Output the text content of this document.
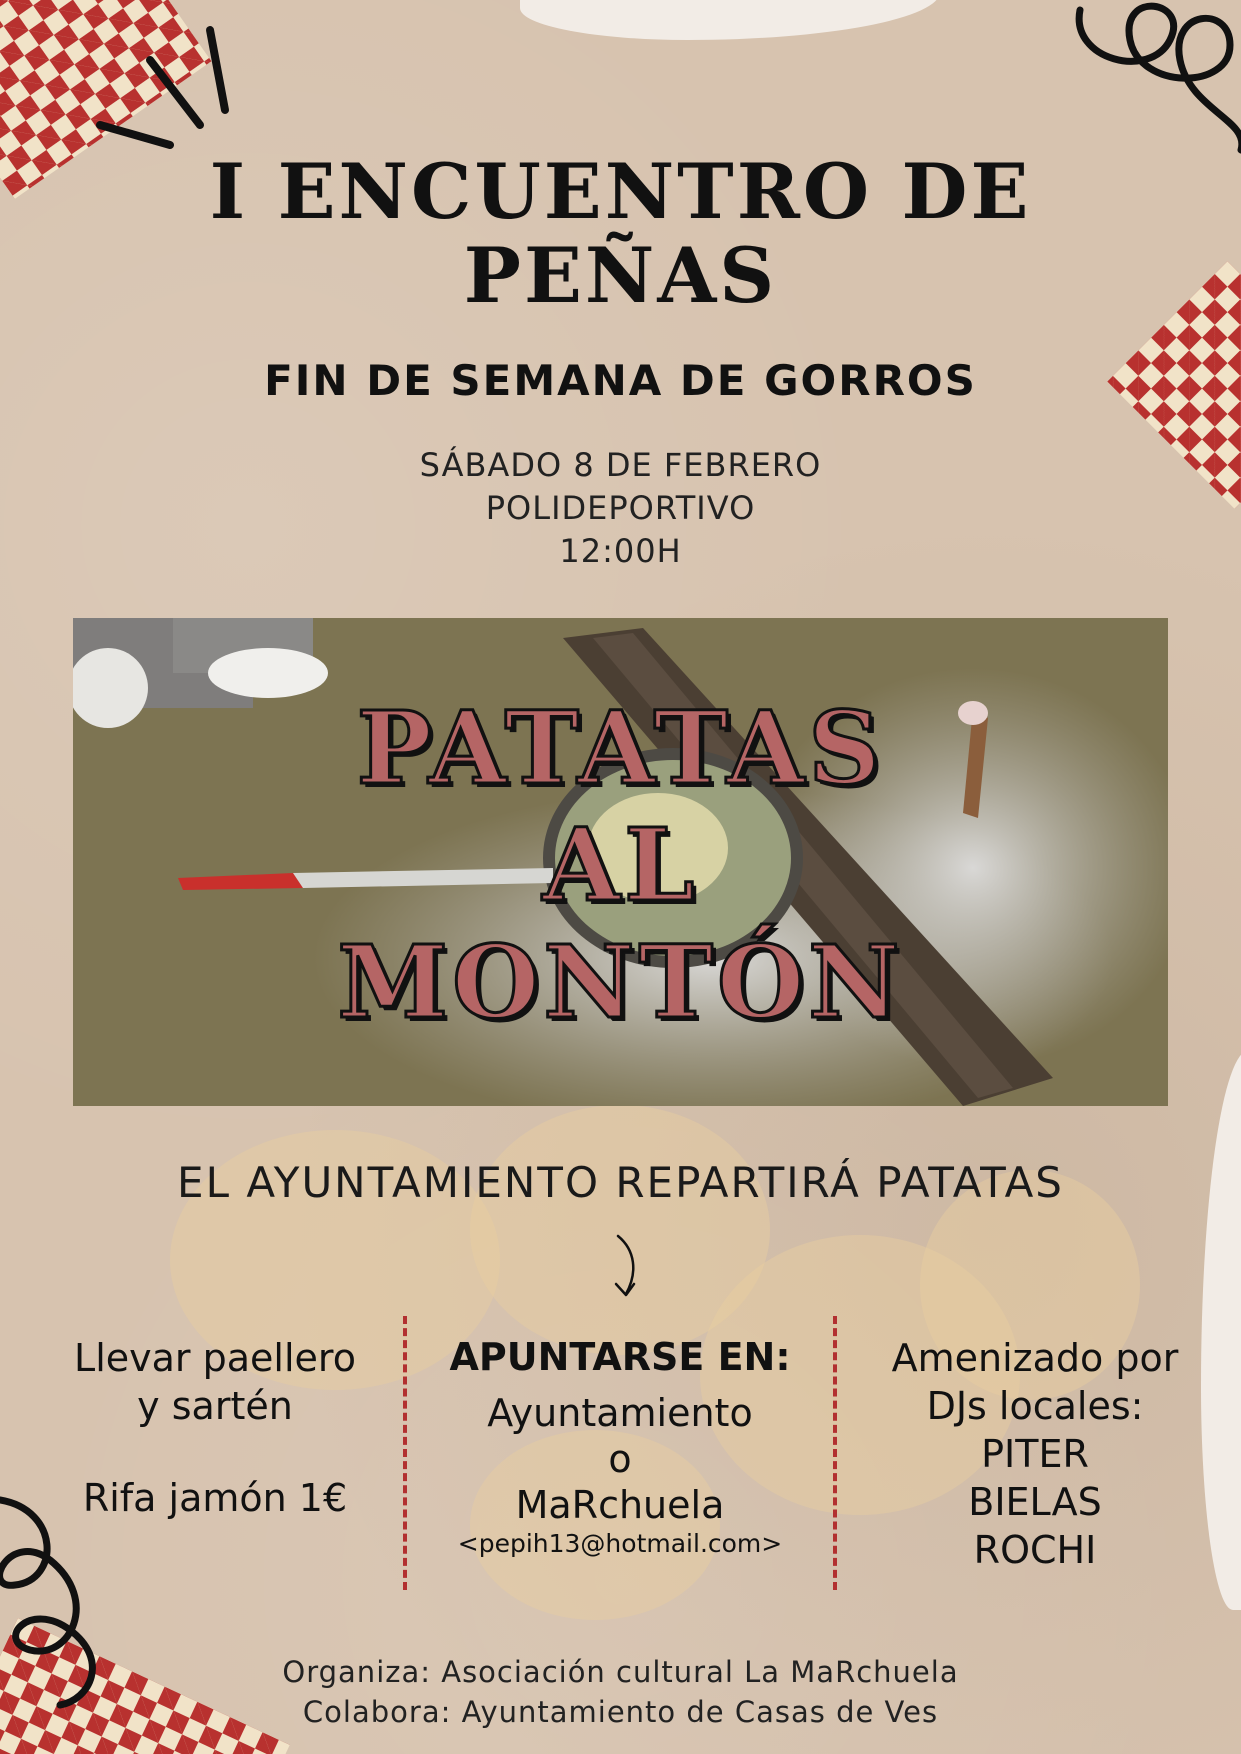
I ENCUENTRO DE
PEÑAS
FIN DE SEMANA DE GORROS
SÁBADO 8 DE FEBRERO
POLIDEPORTIVO
12:00H
PATATAS
AL
MONTÓN
EL AYUNTAMIENTO REPARTIRÁ PATATAS
Llevar paellero
y sartén
Rifa jamón 1€
APUNTARSE EN:
Ayuntamiento
o
MaRchuela
<pepih13@hotmail.com>
Amenizado por
DJs locales:
PITER
BIELAS
ROCHI
Organiza: Asociación cultural La MaRchuela
Colabora: Ayuntamiento de Casas de Ves
